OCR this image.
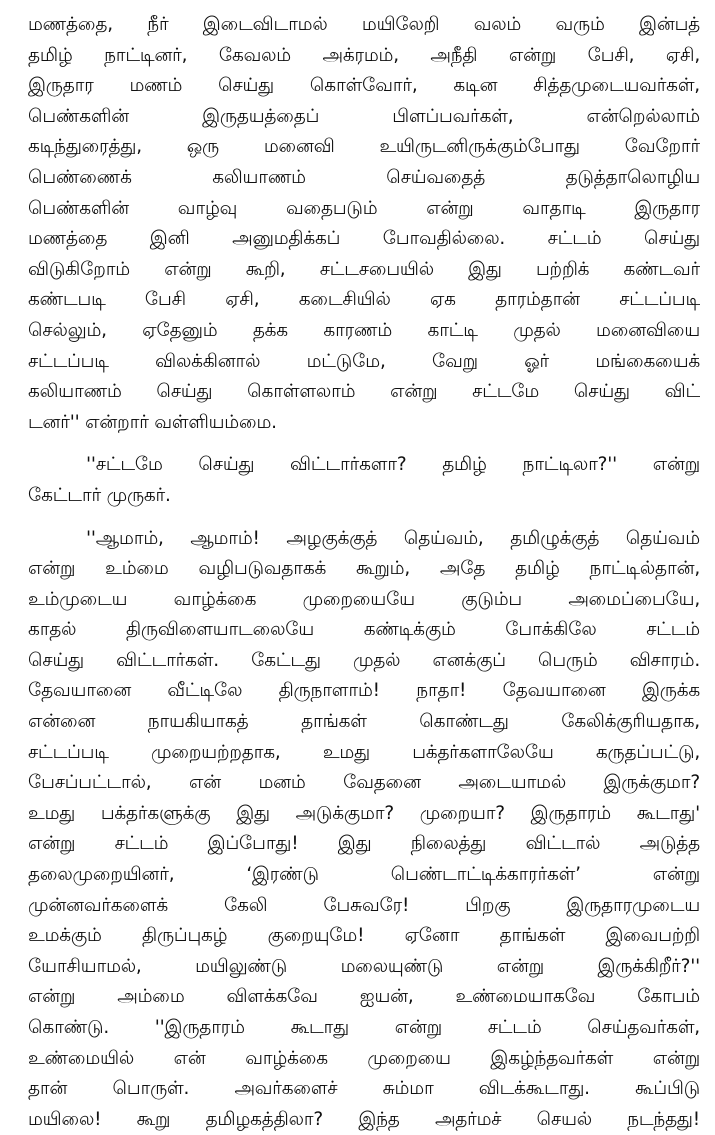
மணத்தை, நீர் இடைவிடாமல் மயிலேறி வலம் வரும் இன்பத்
தமிழ் நாட்டினர், கேவலம் அக்ரமம், அநீதி என்று பேசி, ஏசி,
இருதார மணம் செய்து கொள்வோர், கடின சித்தமுடையவர்கள்,
பெண்களின் இருதயத்தைப் பிளப்பவர்கள், என்றெல்லாம்
கடிந்துரைத்து, ஒரு மனைவி உயிருடனிருக்கும்போது வேறோர்
பெண்ணைக் கலியாணம் செய்வதைத் தடுத்தாலொழிய
பெண்களின் வாழ்வு வதைபடும் என்று வாதாடி இருதார
மணத்தை இனி அனுமதிக்கப் போவதில்லை. சட்டம் செய்து
விடுகிறோம் என்று கூறி, சட்டசபையில் இது பற்றிக் கண்டவர்
கண்டபடி பேசி ஏசி, கடைசியில் ஏக தாரம்தான் சட்டப்படி
செல்லும், ஏதேனும் தக்க காரணம் காட்டி முதல் மனைவியை
சட்டப்படி விலக்கினால் மட்டுமே, வேறு ஓர் மங்கையைக்
கலியாணம் செய்து கொள்ளலாம் என்று சட்டமே செய்து விட்
டனர்'' என்றார் வள்ளியம்மை.
''சட்டமே செய்து விட்டார்களா? தமிழ் நாட்டிலா?'' என்று
கேட்டார் முருகர்.
''ஆமாம், ஆமாம்! அழகுக்குத் தெய்வம், தமிழுக்குத் தெய்வம்
என்று உம்மை வழிபடுவதாகக் கூறும், அதே தமிழ் நாட்டில்தான்,
உம்முடைய வாழ்க்கை முறையையே குடும்ப அமைப்பையே,
காதல் திருவிளையாடலையே கண்டிக்கும் போக்கிலே சட்டம்
செய்து விட்டார்கள். கேட்டது முதல் எனக்குப் பெரும் விசாரம்.
தேவயானை வீட்டிலே திருநாளாம்! நாதா! தேவயானை இருக்க
என்னை நாயகியாகத் தாங்கள் கொண்டது கேலிக்குரியதாக,
சட்டப்படி முறையற்றதாக, உமது பக்தர்களாலேயே கருதப்பட்டு,
பேசப்பட்டால், என் மனம் வேதனை அடையாமல் இருக்குமா?
உமது பக்தர்களுக்கு இது அடுக்குமா? முறையா? இருதாரம் கூடாது'
என்று சட்டம் இப்போது! இது நிலைத்து விட்டால் அடுத்த
தலைமுறையினர், ‘இரண்டு பெண்டாட்டிக்காரர்கள்’ என்று
முன்னவர்களைக் கேலி பேசுவரே! பிறகு இருதாரமுடைய
உமக்கும் திருப்புகழ் குறையுமே! ஏனோ தாங்கள் இவைபற்றி
யோசியாமல், மயிலுண்டு மலையுண்டு என்று இருக்கிறீர்?''
என்று அம்மை விளக்கவே ஐயன், உண்மையாகவே கோபம்
கொண்டு. ''இருதாரம் கூடாது என்று சட்டம் செய்தவர்கள்,
உண்மையில் என் வாழ்க்கை முறையை இகழ்ந்தவர்கள் என்று
தான் பொருள். அவர்களைச் சும்மா விடக்கூடாது. கூப்பிடு
மயிலை! கூறு தமிழகத்திலா? இந்த அதர்மச் செயல் நடந்தது!
